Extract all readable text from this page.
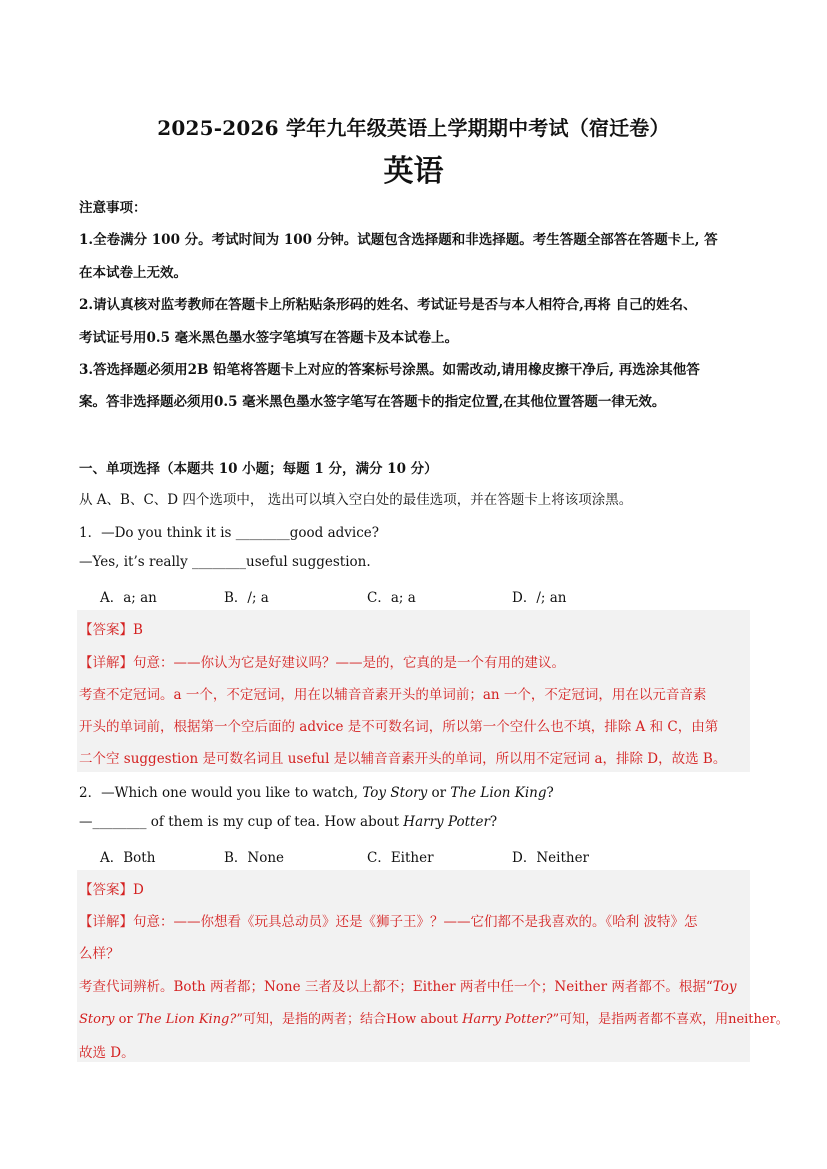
2025-2026 学年九年级英语上学期期中考试（宿迁卷）
英语
注意事项：
1.全卷满分 100 分。考试时间为 100 分钟。试题包含选择题和非选择题。考生答题全部答在答题卡上, 答
在本试卷上无效。
2.请认真核对监考教师在答题卡上所粘贴条形码的姓名、考试证号是否与本人相符合,再将 自己的姓名、
考试证号用0.5 毫米黑色墨水签字笔填写在答题卡及本试卷上。
3.答选择题必须用2B 铅笔将答题卡上对应的答案标号涂黑。如需改动,请用橡皮擦干净后, 再选涂其他答
案。答非选择题必须用0.5 毫米黑色墨水签字笔写在答题卡的指定位置,在其他位置答题一律无效。
一、单项选择（本题共 10 小题；每题 1 分，满分 10 分）
从 A、B、C、D 四个选项中， 选出可以填入空白处的最佳选项，并在答题卡上将该项涂黑。
1．—Do you think it is ________good advice?
—Yes, it’s really ________useful suggestion.
A．a; an	B．/; a	C．a; a	D．/; an
【答案】B
【详解】句意：——你认为它是好建议吗？——是的，它真的是一个有用的建议。
考查不定冠词。a 一个，不定冠词，用在以辅音音素开头的单词前；an 一个，不定冠词，用在以元音音素
开头的单词前，根据第一个空后面的 advice 是不可数名词，所以第一个空什么也不填，排除 A 和 C，由第
二个空 suggestion 是可数名词且 useful 是以辅音音素开头的单词，所以用不定冠词 a，排除 D，故选 B。
2．—Which one would you like to watch, Toy Story or The Lion King?
—________ of them is my cup of tea. How about Harry Potter?
A．Both	B．None	C．Either	D．Neither
【答案】D
【详解】句意：——你想看《玩具总动员》还是《狮子王》？——它们都不是我喜欢的。《哈利 波特》怎
么样？
考查代词辨析。Both 两者都；None 三者及以上都不；Either 两者中任一个；Neither 两者都不。根据“Toy
Story or The Lion King?”可知，是指的两者；结合How about Harry Potter?”可知，是指两者都不喜欢，用neither。
故选 D。
